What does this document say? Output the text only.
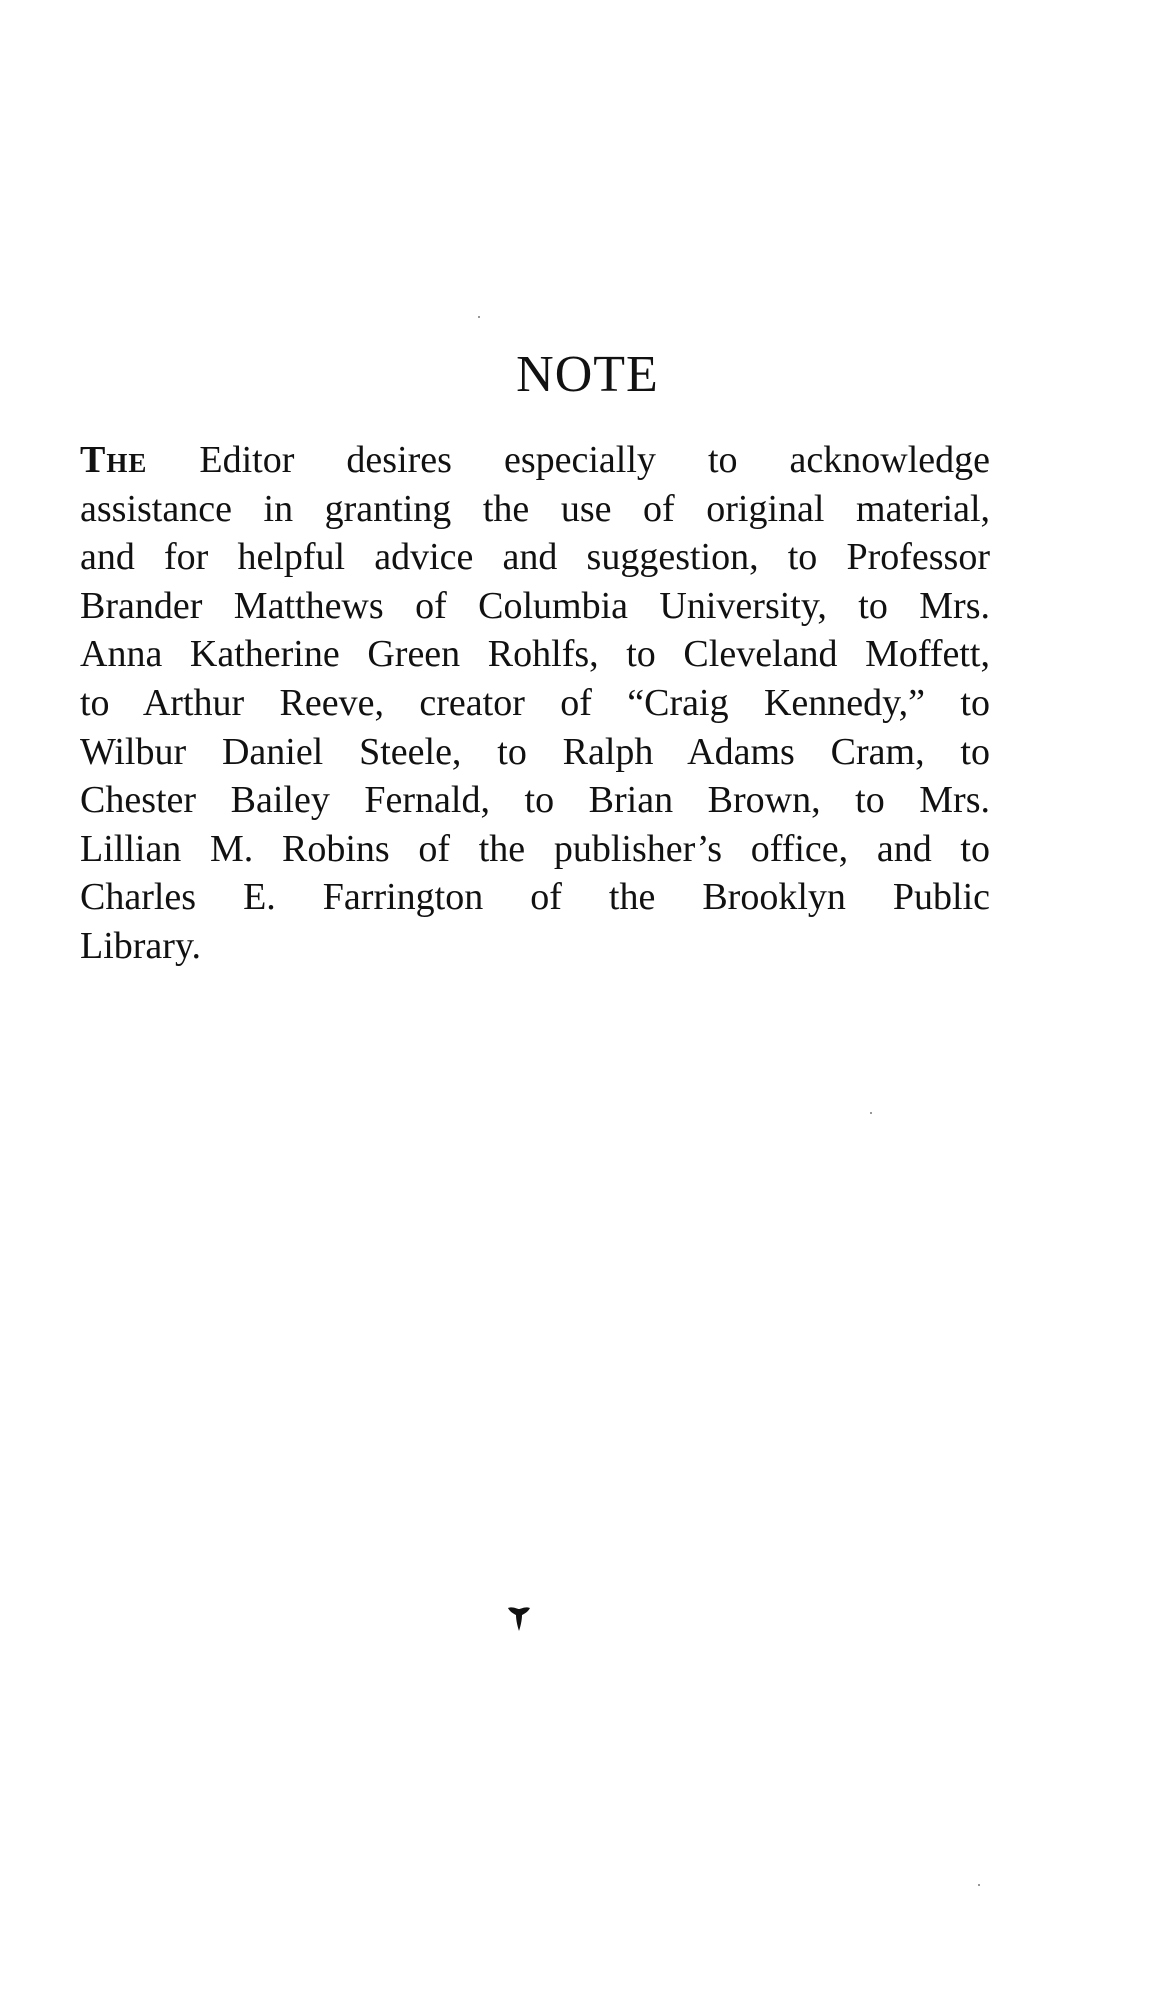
NOTE
The Editor desires especially to acknowledge
assistance in granting the use of original material,
and for helpful advice and suggestion, to Professor
Brander Matthews of Columbia University, to Mrs.
Anna Katherine Green Rohlfs, to Cleveland Moffett,
to Arthur Reeve, creator of “Craig Kennedy,” to
Wilbur Daniel Steele, to Ralph Adams Cram, to
Chester Bailey Fernald, to Brian Brown, to Mrs.
Lillian M. Robins of the publisher’s office, and to
Charles E. Farrington of the Brooklyn Public
Library.
